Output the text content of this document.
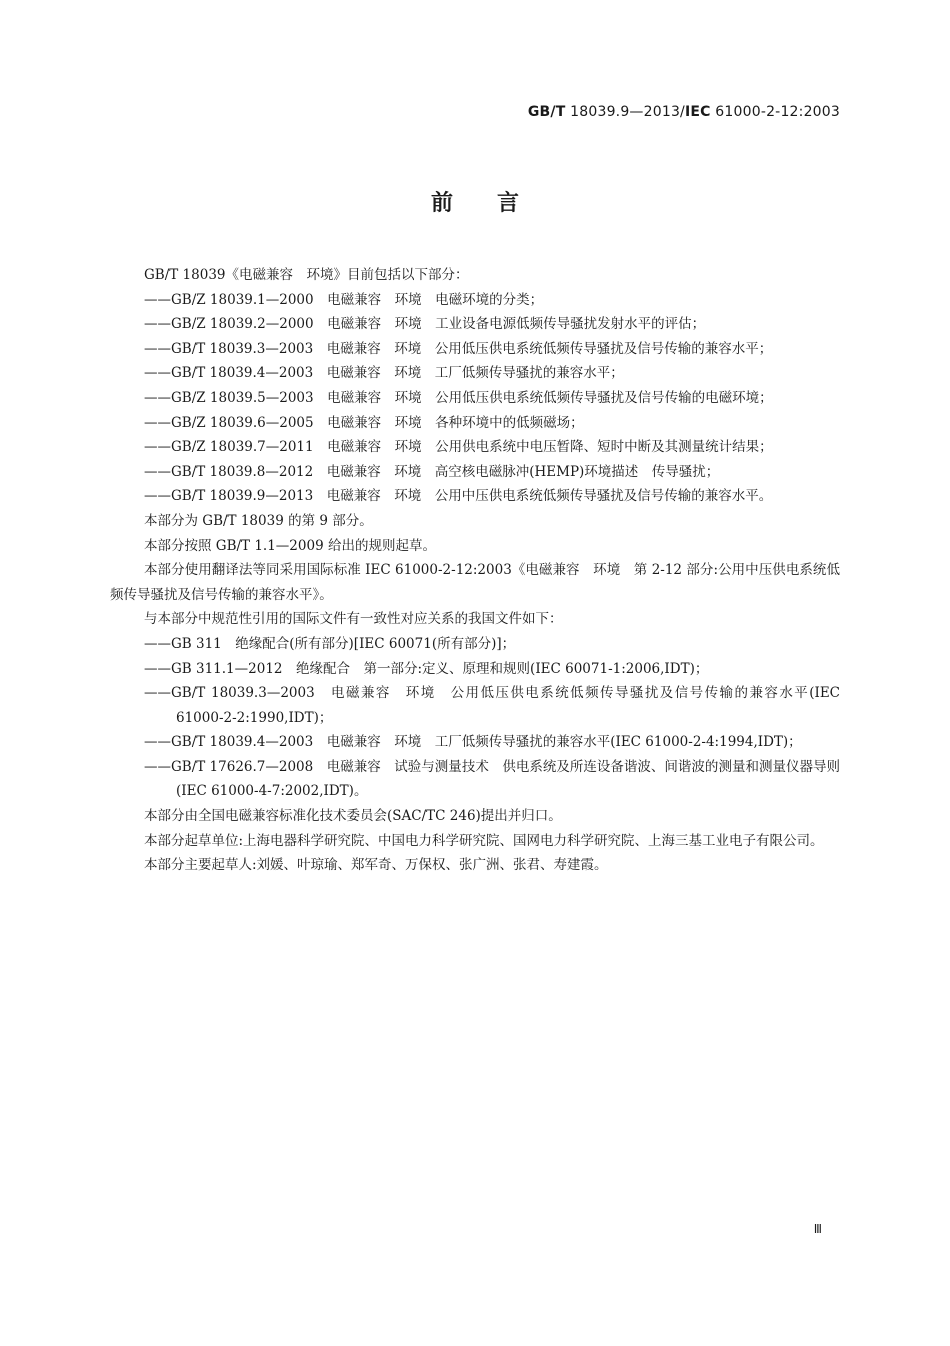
GB/T 18039.9—2013/IEC 61000-2-12:2003
前言

GB/T 18039《电磁兼容　环境》目前包括以下部分：

——GB/Z 18039.1—2000　电磁兼容　环境　电磁环境的分类；

——GB/Z 18039.2—2000　电磁兼容　环境　工业设备电源低频传导骚扰发射水平的评估；

——GB/T 18039.3—2003　电磁兼容　环境　公用低压供电系统低频传导骚扰及信号传输的兼容水平；

——GB/T 18039.4—2003　电磁兼容　环境　工厂低频传导骚扰的兼容水平；

——GB/Z 18039.5—2003　电磁兼容　环境　公用低压供电系统低频传导骚扰及信号传输的电磁环境；

——GB/Z 18039.6—2005　电磁兼容　环境　各种环境中的低频磁场；

——GB/Z 18039.7—2011　电磁兼容　环境　公用供电系统中电压暂降、短时中断及其测量统计结果；

——GB/T 18039.8—2012　电磁兼容　环境　高空核电磁脉冲(HEMP)环境描述　传导骚扰；

——GB/T 18039.9—2013　电磁兼容　环境　公用中压供电系统低频传导骚扰及信号传输的兼容水平。

本部分为 GB/T 18039 的第 9 部分。

本部分按照 GB/T 1.1—2009 给出的规则起草。

本部分使用翻译法等同采用国际标准 IEC 61000-2-12:2003《电磁兼容　环境　第 2-12 部分:公用中压供电系统低频传导骚扰及信号传输的兼容水平》。

与本部分中规范性引用的国际文件有一致性对应关系的我国文件如下：

——GB 311　绝缘配合(所有部分)[IEC 60071(所有部分)]；

——GB 311.1—2012　绝缘配合　第一部分:定义、原理和规则(IEC 60071-1:2006,IDT)；

——GB/T 18039.3—2003　电磁兼容　环境　公用低压供电系统低频传导骚扰及信号传输的兼容水平(IEC 61000-2-2:1990,IDT)；

——GB/T 18039.4—2003　电磁兼容　环境　工厂低频传导骚扰的兼容水平(IEC 61000-2-4:1994,IDT)；

——GB/T 17626.7—2008　电磁兼容　试验与测量技术　供电系统及所连设备谐波、间谐波的测量和测量仪器导则(IEC 61000-4-7:2002,IDT)。

本部分由全国电磁兼容标准化技术委员会(SAC/TC 246)提出并归口。

本部分起草单位:上海电器科学研究院、中国电力科学研究院、国网电力科学研究院、上海三基工业电子有限公司。

本部分主要起草人:刘媛、叶琼瑜、郑军奇、万保权、张广洲、张君、寿建霞。

Ⅲ
